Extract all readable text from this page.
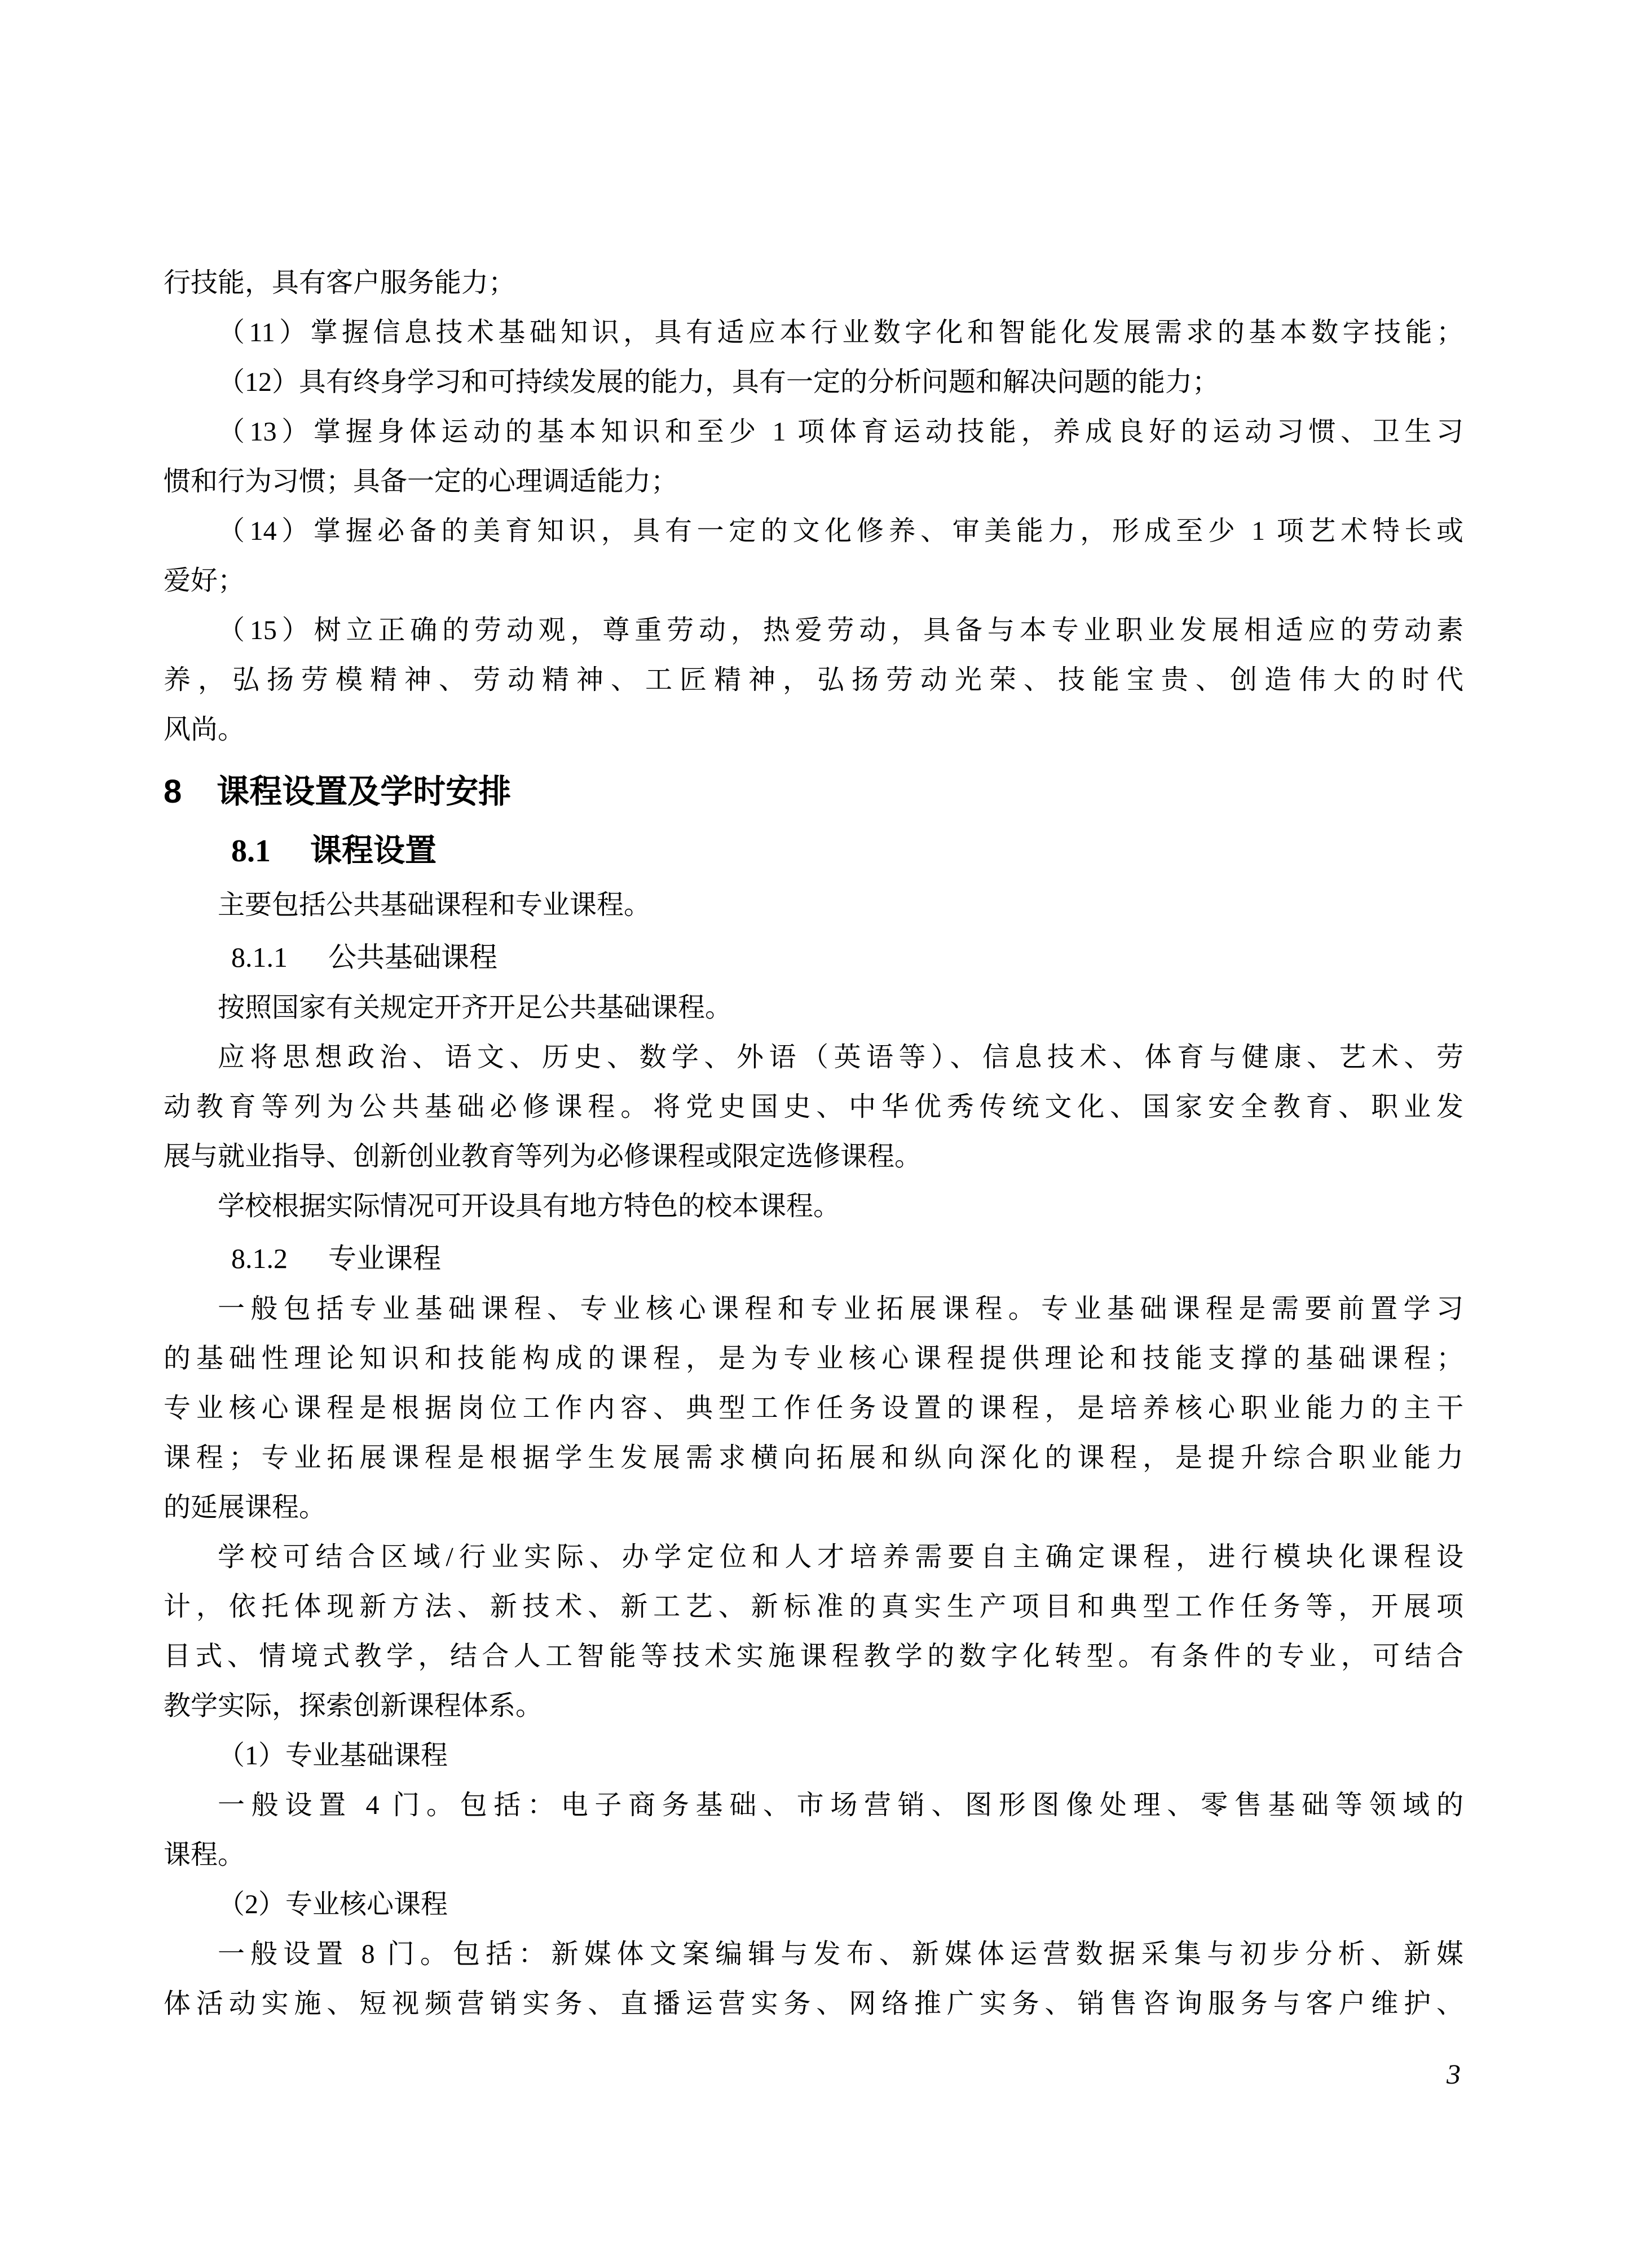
行技能，具有客户服务能力；
（11）掌握信息技术基础知识，具有适应本行业数字化和智能化发展需求的基本数字技能；
（12）具有终身学习和可持续发展的能力，具有一定的分析问题和解决问题的能力；
（13）掌握身体运动的基本知识和至少 1 项体育运动技能，养成良好的运动习惯、卫生习
惯和行为习惯；具备一定的心理调适能力；
（14）掌握必备的美育知识，具有一定的文化修养、审美能力，形成至少 1 项艺术特长或
爱好；
（15）树立正确的劳动观，尊重劳动，热爱劳动，具备与本专业职业发展相适应的劳动素
养，弘扬劳模精神、劳动精神、工匠精神，弘扬劳动光荣、技能宝贵、创造伟大的时代
风尚。
8 课程设置及学时安排
8.1 课程设置
主要包括公共基础课程和专业课程。
8.1.1 公共基础课程
按照国家有关规定开齐开足公共基础课程。
应将思想政治、语文、历史、数学、外语（英语等）、信息技术、体育与健康、艺术、劳
动教育等列为公共基础必修课程。将党史国史、中华优秀传统文化、国家安全教育、职业发
展与就业指导、创新创业教育等列为必修课程或限定选修课程。
学校根据实际情况可开设具有地方特色的校本课程。
8.1.2 专业课程
一般包括专业基础课程、专业核心课程和专业拓展课程。专业基础课程是需要前置学习
的基础性理论知识和技能构成的课程，是为专业核心课程提供理论和技能支撑的基础课程；
专业核心课程是根据岗位工作内容、典型工作任务设置的课程，是培养核心职业能力的主干
课程；专业拓展课程是根据学生发展需求横向拓展和纵向深化的课程，是提升综合职业能力
的延展课程。
学校可结合区域/行业实际、办学定位和人才培养需要自主确定课程，进行模块化课程设
计，依托体现新方法、新技术、新工艺、新标准的真实生产项目和典型工作任务等，开展项
目式、情境式教学，结合人工智能等技术实施课程教学的数字化转型。有条件的专业，可结合
教学实际，探索创新课程体系。
（1）专业基础课程
一般设置 4 门。包括：电子商务基础、市场营销、图形图像处理、零售基础等领域的
课程。
（2）专业核心课程
一般设置 8 门。包括：新媒体文案编辑与发布、新媒体运营数据采集与初步分析、新媒
体活动实施、短视频营销实务、直播运营实务、网络推广实务、销售咨询服务与客户维护、
3
